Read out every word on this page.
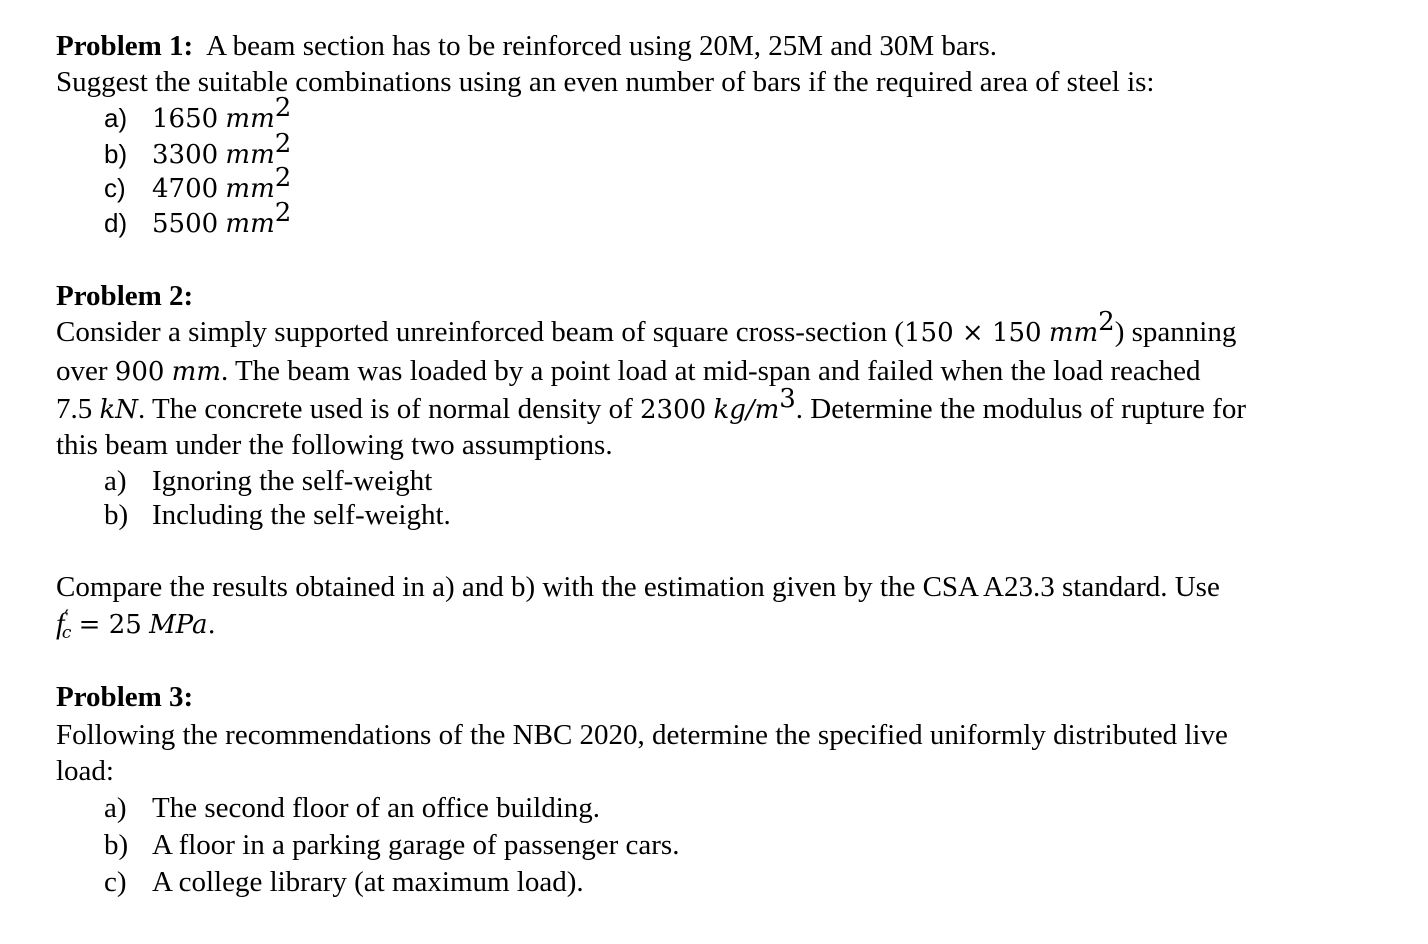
Problem 1: A beam section has to be reinforced using 20M, 25M and 30M bars.
Suggest the suitable combinations using an even number of bars if the required area of steel is:
a) 1650 $mm^2$
b) 3300 $mm^2$
c) 4700 $mm^2$
d) 5500 $mm^2$
Problem 2:
Consider a simply supported unreinforced beam of square cross-section (150 × 150 $mm^2$) spanning
over 900 mm. The beam was loaded by a point load at mid-span and failed when the load reached
7.5 kN. The concrete used is of normal density of 2300 $kg/m^3$. Determine the modulus of rupture for
this beam under the following two assumptions.
a) Ignoring the self-weight
b) Including the self-weight.
Compare the results obtained in a) and b) with the estimation given by the CSA A23.3 standard. Use
$f'_c = 25$ MPa.
Problem 3:
Following the recommendations of the NBC 2020, determine the specified uniformly distributed live
load:
a) The second floor of an office building.
b) A floor in a parking garage of passenger cars.
c) A college library (at maximum load).
